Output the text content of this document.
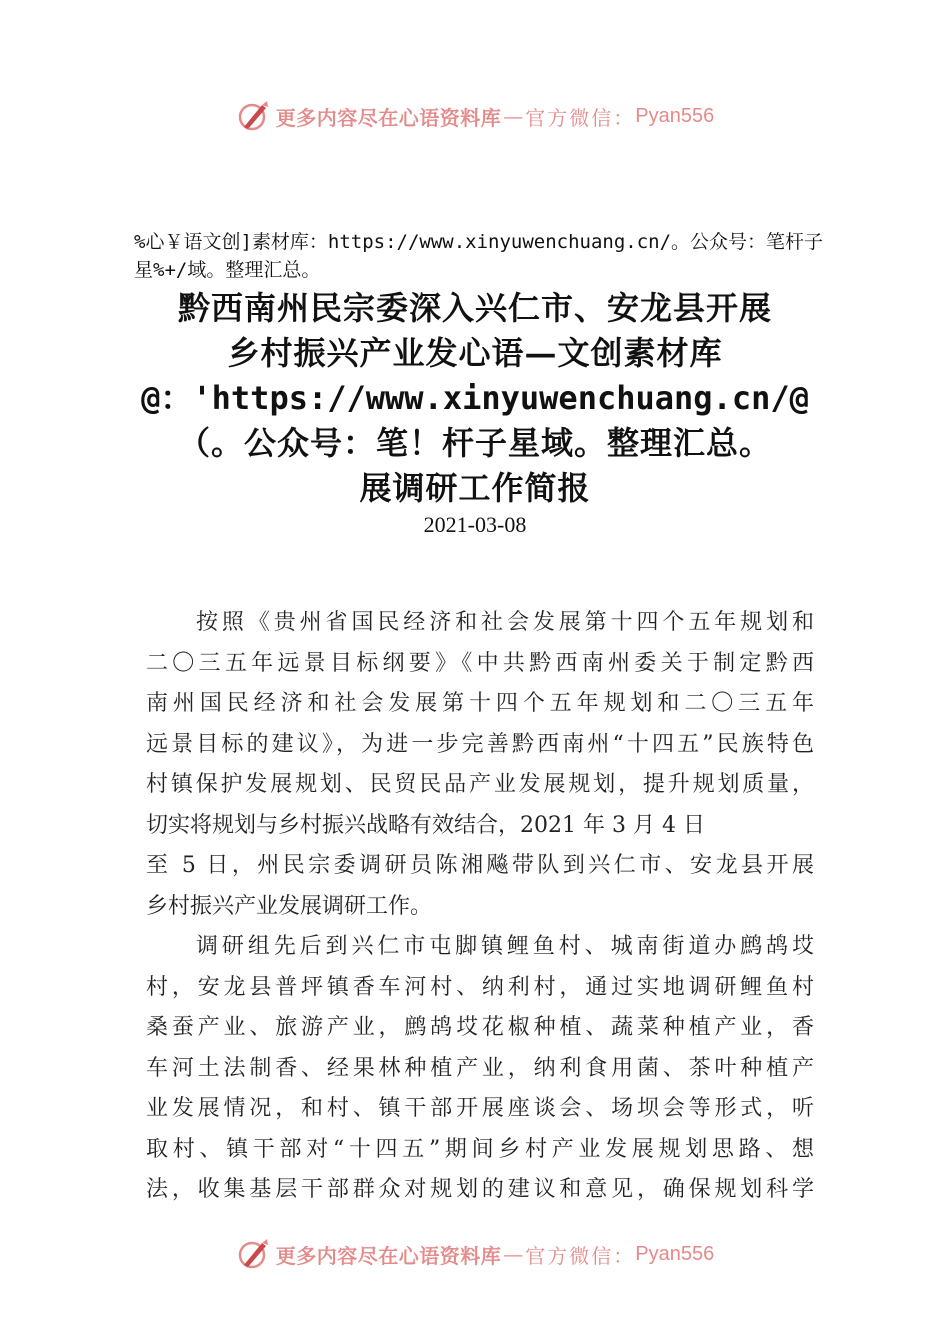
更多内容尽在心语资料库 — 官方微信： Pyan556
%心￥语文创]素材库：https://www.xinyuwenchuang.cn/。公众号：笔杆子星%+/域。整理汇总。
黔西南州民宗委深入兴仁市、安龙县开展
乡村振兴产业发心语—文创素材库
@：'https://www.xinyuwenchuang.cn/@
（。公众号：笔！杆子星域。整理汇总。
展调研工作简报
2021-03-08
按照《贵州省国民经济和社会发展第十四个五年规划和
二〇三五年远景目标纲要》《中共黔西南州委关于制定黔西
南州国民经济和社会发展第十四个五年规划和二〇三五年
远景目标的建议》，为进一步完善黔西南州“十四五”民族特色
村镇保护发展规划、民贸民品产业发展规划，提升规划质量，
切实将规划与乡村振兴战略有效结合，2021 年 3 月 4 日
至 5 日，州民宗委调研员陈湘飚带队到兴仁市、安龙县开展
乡村振兴产业发展调研工作。
调研组先后到兴仁市屯脚镇鲤鱼村、城南街道办鹧鸪㘷
村，安龙县普坪镇香车河村、纳利村，通过实地调研鲤鱼村
桑蚕产业、旅游产业，鹧鸪㘷花椒种植、蔬菜种植产业，香
车河土法制香、经果林种植产业，纳利食用菌、茶叶种植产
业发展情况，和村、镇干部开展座谈会、场坝会等形式，听
取村、镇干部对“十四五”期间乡村产业发展规划思路、想
法，收集基层干部群众对规划的建议和意见，确保规划科学
更多内容尽在心语资料库 — 官方微信： Pyan556
